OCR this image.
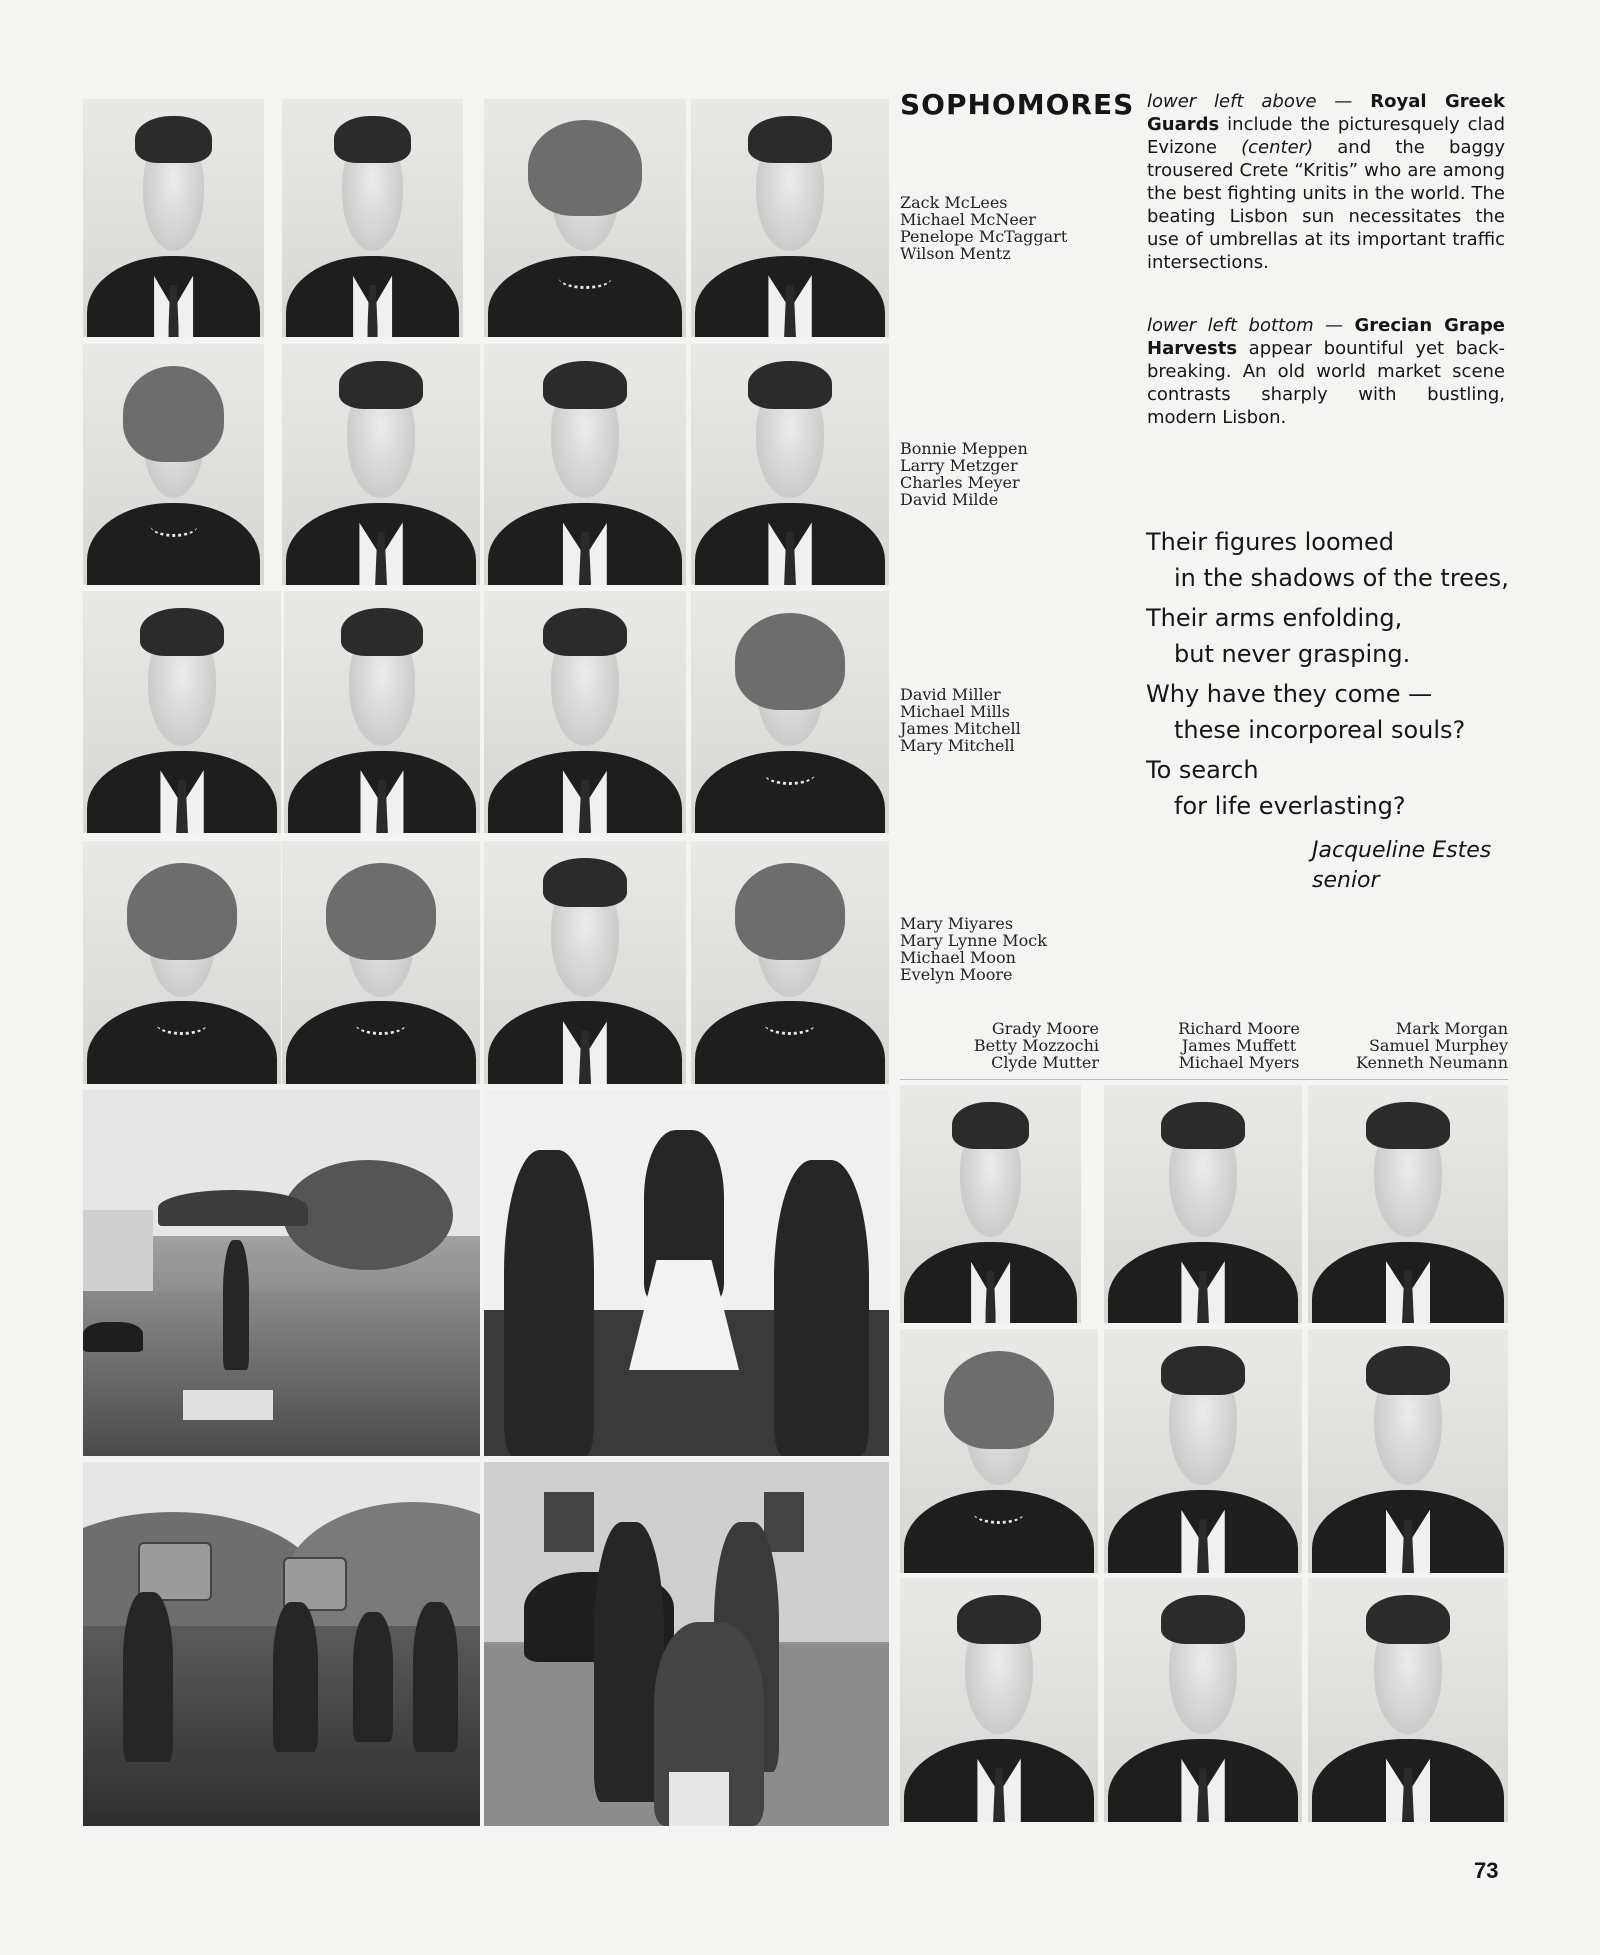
SOPHOMORES
Zack McLees
Michael McNeer
Penelope McTaggart
Wilson Mentz
Bonnie Meppen
Larry Metzger
Charles Meyer
David Milde
David Miller
Michael Mills
James Mitchell
Mary Mitchell
Mary Miyares
Mary Lynne Mock
Michael Moon
Evelyn Moore
Grady Moore
Betty Mozzochi
Clyde Mutter
Richard Moore
James Muffett
Michael Myers
Mark Morgan
Samuel Murphey
Kenneth Neumann

lower left above — Royal Greek Guards include the picturesquely clad Evizone (center) and the baggy trousered Crete “Kritis” who are among the best fighting units in the world. The beating Lisbon sun necessitates the use of umbrellas at its important traffic intersections.

lower left bottom — Grecian Grape Harvests appear bountiful yet back-breaking. An old world market scene contrasts sharply with bustling, modern Lisbon.

Their figures loomed
in the shadows of the trees,
Their arms enfolding,
but never grasping.
Why have they come —
these incorporeal souls?
To search
for life everlasting?
Jacqueline Estes
senior
73
